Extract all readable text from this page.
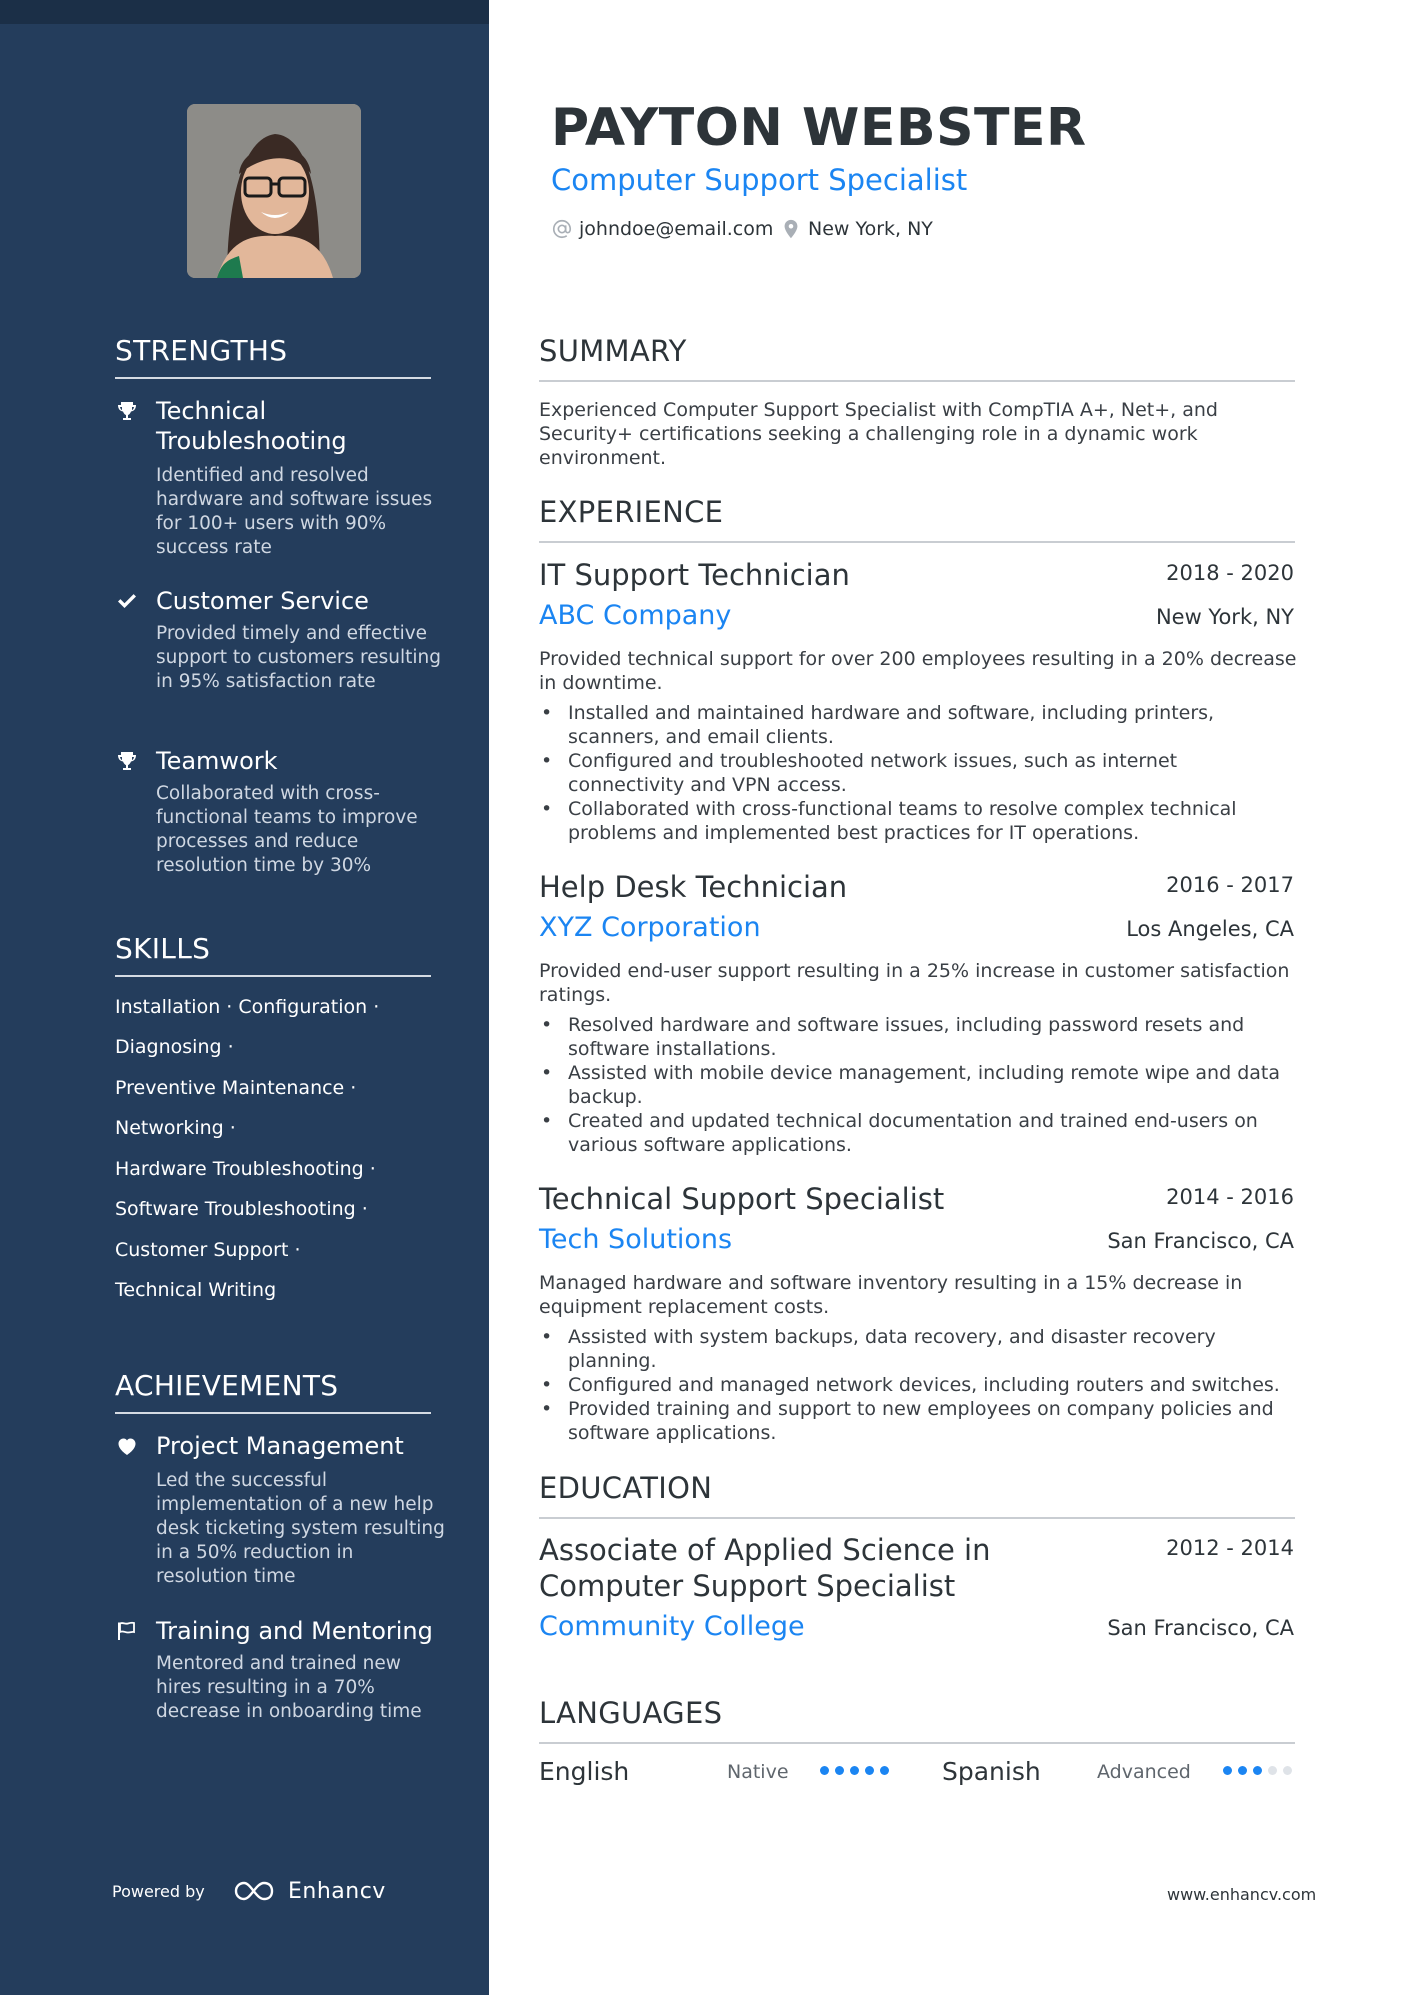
STRENGTHS
Technical Troubleshooting
Identified and resolved hardware and software issues for 100+ users with 90% success rate
Customer Service
Provided timely and effective support to customers resulting in 95% satisfaction rate
Teamwork
Collaborated with cross-functional teams to improve processes and reduce resolution time by 30%
SKILLS
Installation · Configuration ·
Diagnosing ·
Preventive Maintenance ·
Networking ·
Hardware Troubleshooting ·
Software Troubleshooting ·
Customer Support ·
Technical Writing
ACHIEVEMENTS
Project Management
Led the successful implementation of a new help desk ticketing system resulting in a 50% reduction in resolution time
Training and Mentoring
Mentored and trained new hires resulting in a 70% decrease in onboarding time
Powered by	Enhancv
PAYTON WEBSTER
Computer Support Specialist
johndoe@email.com New York, NY
SUMMARY
Experienced Computer Support Specialist with CompTIA A+, Net+, and Security+ certifications seeking a challenging role in a dynamic work environment.
EXPERIENCE
IT Support Technician	2018 - 2020
ABC Company	New York, NY
Provided technical support for over 200 employees resulting in a 20% decrease in downtime.
• Installed and maintained hardware and software, including printers, scanners, and email clients.
• Configured and troubleshooted network issues, such as internet connectivity and VPN access.
• Collaborated with cross-functional teams to resolve complex technical problems and implemented best practices for IT operations.
Help Desk Technician	2016 - 2017
XYZ Corporation	Los Angeles, CA
Provided end-user support resulting in a 25% increase in customer satisfaction ratings.
• Resolved hardware and software issues, including password resets and software installations.
• Assisted with mobile device management, including remote wipe and data backup.
• Created and updated technical documentation and trained end-users on various software applications.
Technical Support Specialist	2014 - 2016
Tech Solutions	San Francisco, CA
Managed hardware and software inventory resulting in a 15% decrease in equipment replacement costs.
• Assisted with system backups, data recovery, and disaster recovery planning.
• Configured and managed network devices, including routers and switches.
• Provided training and support to new employees on company policies and software applications.
EDUCATION
Associate of Applied Science in
Computer Support Specialist
2012 - 2014
Community College	San Francisco, CA
LANGUAGES
English	Native	Spanish	Advanced
www.enhancv.com
